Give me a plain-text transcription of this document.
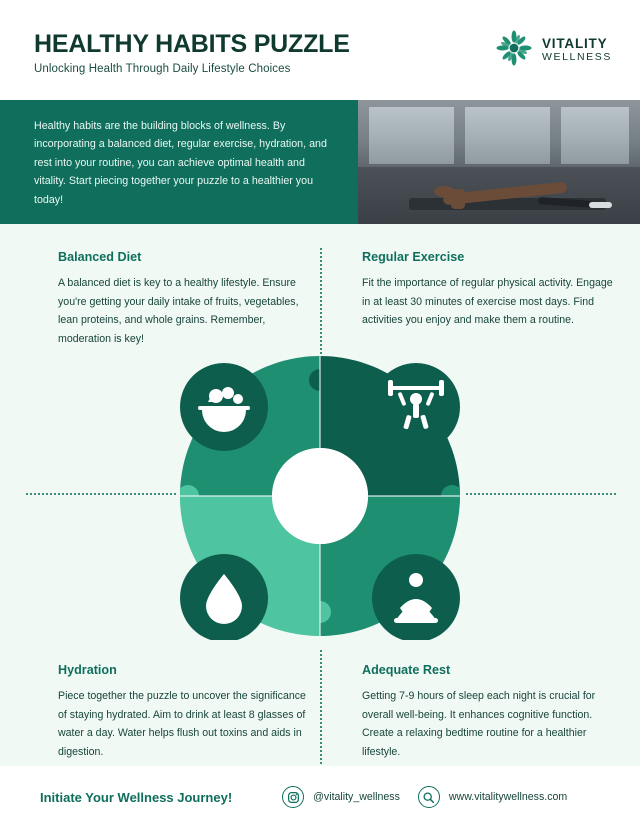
HEALTHY HABITS PUZZLE

Unlocking Health Through Daily Lifestyle Choices

VITALITY
WELLNESS
Healthy habits are the building blocks of wellness. By incorporating a balanced diet, regular exercise, hydration, and rest into your routine, you can achieve optimal health and vitality. Start piecing together your puzzle to a healthier you today!
Balanced Diet

A balanced diet is key to a healthy lifestyle. Ensure you're getting your daily intake of fruits, vegetables, lean proteins, and whole grains. Remember, moderation is key!

Regular Exercise

Fit the importance of regular physical activity. Engage in at least 30 minutes of exercise most days. Find activities you enjoy and make them a routine.

Hydration

Piece together the puzzle to uncover the significance of staying hydrated. Aim to drink at least 8 glasses of water a day. Water helps flush out toxins and aids in digestion.

Adequate Rest

Getting 7-9 hours of sleep each night is crucial for overall well-being. It enhances cognitive function. Create a relaxing bedtime routine for a healthier lifestyle.

Initiate Your Wellness Journey!	@vitality_wellness	www.vitalitywellness.com
